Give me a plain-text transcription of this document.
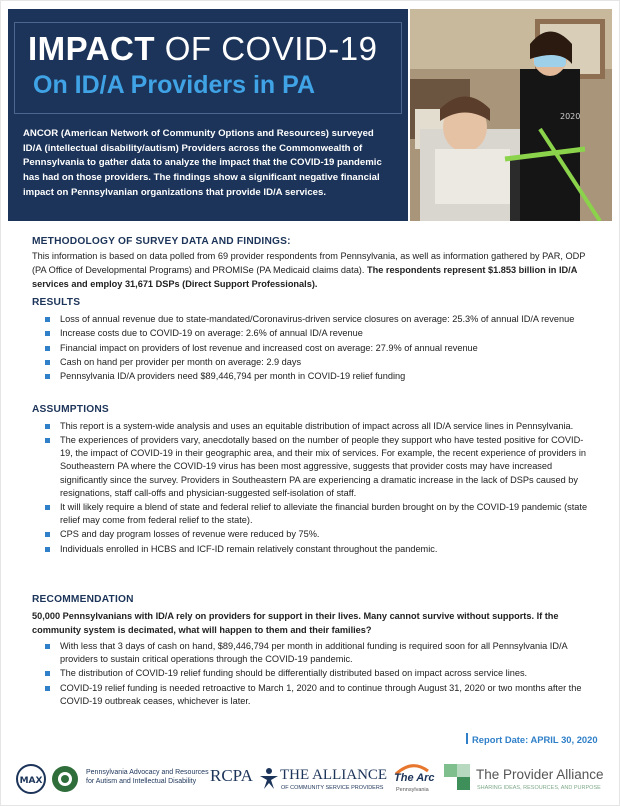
IMPACT OF COVID-19
On ID/A Providers in PA
ANCOR (American Network of Community Options and Resources) surveyed ID/A (intellectual disability/autism) Providers across the Commonwealth of Pennsylvania to gather data to analyze the impact that the COVID-19 pandemic has had on those providers. The findings show a significant negative financial impact on Pennsylvanian organizations that provide ID/A services.
2020
METHODOLOGY OF SURVEY DATA AND FINDINGS:
This information is based on data polled from 69 provider respondents from Pennsylvania, as well as information gathered by PAR, ODP (PA Office of Developmental Programs) and PROMISe (PA Medicaid claims data). The respondents represent $1.853 billion in ID/A services and employ 31,671 DSPs (Direct Support Professionals).
RESULTS
Loss of annual revenue due to state-mandated/Coronavirus-driven service closures on average: 25.3% of annual ID/A revenue
Increase costs due to COVID-19 on average: 2.6% of annual ID/A revenue
Financial impact on providers of lost revenue and increased cost on average: 27.9% of annual revenue
Cash on hand per provider per month on average: 2.9 days
Pennsylvania ID/A providers need $89,446,794 per month in COVID-19 relief funding
ASSUMPTIONS
This report is a system-wide analysis and uses an equitable distribution of impact across all ID/A service lines in Pennsylvania.
The experiences of providers vary, anecdotally based on the number of people they support who have tested positive for COVID-19, the impact of COVID-19 in their geographic area, and their mix of services. For example, the recent experience of providers in Southeastern PA where the COVID-19 virus has been most aggressive, suggests that provider costs may have increased significantly since the survey. Providers in Southeastern PA are experiencing a dramatic increase in the lack of DSPs caused by resignations, staff call-offs and physician-suggested self-isolation of staff.
It will likely require a blend of state and federal relief to alleviate the financial burden brought on by the COVID-19 pandemic (state relief may come from federal relief to the state).
CPS and day program losses of revenue were reduced by 75%.
Individuals enrolled in HCBS and ICF-ID remain relatively constant throughout the pandemic.
RECOMMENDATION
50,000 Pennsylvanians with ID/A rely on providers for support in their lives. Many cannot survive without supports. If the community system is decimated, what will happen to them and their families?
With less that 3 days of cash on hand, $89,446,794 per month in additional funding is required soon for all Pennsylvania ID/A providers to sustain critical operations through the COVID-19 pandemic.
The distribution of COVID-19 relief funding should be differentially distributed based on impact across service lines.
COVID-19 relief funding is needed retroactive to March 1, 2020 and to continue through August 31, 2020 or two months after the COVID-19 outbreak ceases, whichever is later.
Report Date: APRIL 30, 2020
MAX
Pennsylvania Advocacy and Resources
for Autism and Intellectual Disability RCPA THE ALLIANCE
OF COMMUNITY SERVICE PROVIDERS
The Arc
Pennsylvania
The Provider Alliance
SHARING IDEAS, RESOURCES, AND PURPOSE
